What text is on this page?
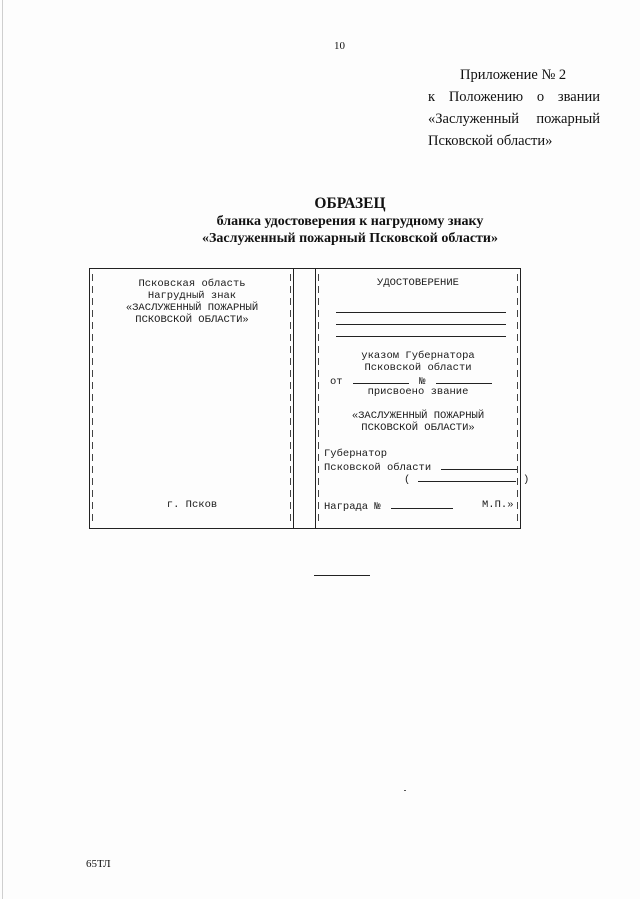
10
Приложение № 2
к Положению о звании
«Заслуженный пожарный
Псковской области»
ОБРАЗЕЦ
бланка удостоверения к нагрудному знаку
«Заслуженный пожарный Псковской области»
Псковская область
Нагрудный знак
«ЗАСЛУЖЕННЫЙ ПОЖАРНЫЙ
ПСКОВСКОЙ ОБЛАСТИ»
г. Псков
УДОСТОВЕРЕНИЕ
указом Губернатора
Псковской области
от	№
присвоено звание
«ЗАСЛУЖЕННЫЙ ПОЖАРНЫЙ
ПСКОВСКОЙ ОБЛАСТИ»
Губернатор
Псковской области
(	)
Награда №	М.П.»
65ТЛ
